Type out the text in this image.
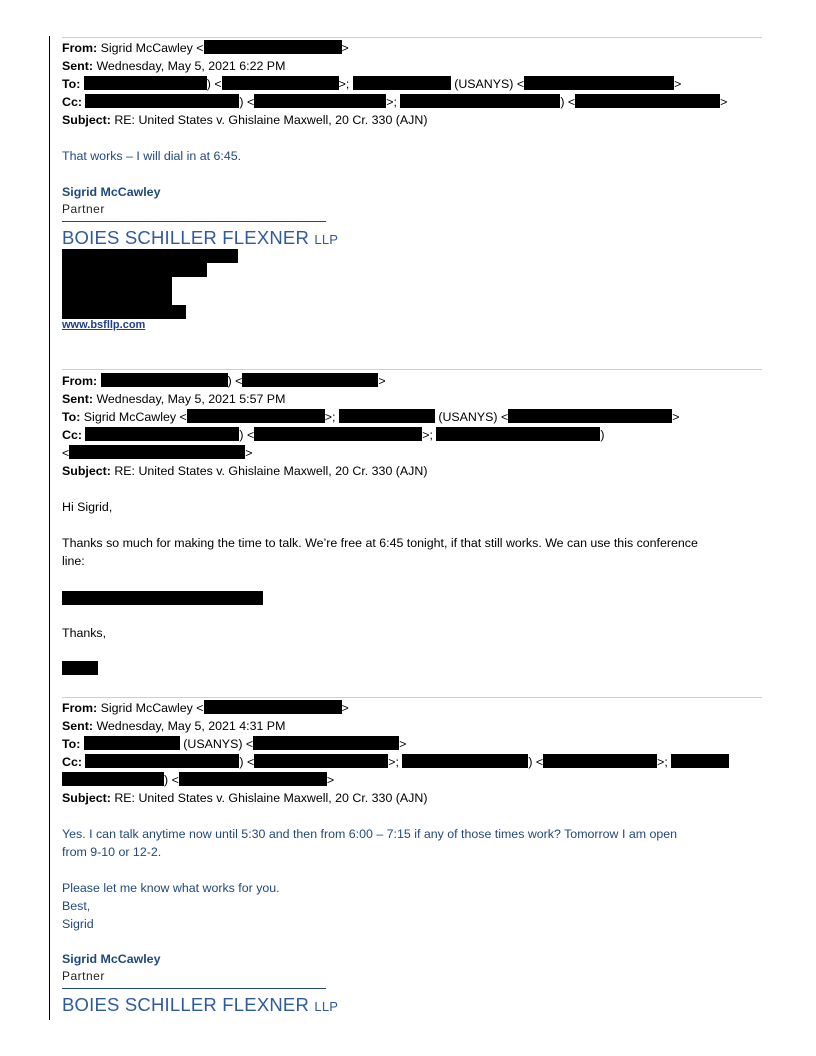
From: Sigrid McCawley <	>
Sent: Wednesday, May 5, 2021 6:22 PM
To:	) <	>;	(USANYS) <	>
Cc:	) <	>;	) <	>
Subject: RE: United States v. Ghislaine Maxwell, 20 Cr. 330 (AJN)
That works – I will dial in at 6:45.
Sigrid McCawley
Partner
BOIES SCHILLER FLEXNER LLP
www.bsfllp.com
From:	) <	>
Sent: Wednesday, May 5, 2021 5:57 PM
To: Sigrid McCawley <	>;	(USANYS) <	>
Cc:	) <	>;	)
<	>
Subject: RE: United States v. Ghislaine Maxwell, 20 Cr. 330 (AJN)
Hi Sigrid,
Thanks so much for making the time to talk. We’re free at 6:45 tonight, if that still works. We can use this conference
line:
Thanks,
From: Sigrid McCawley <	>
Sent: Wednesday, May 5, 2021 4:31 PM
To:	(USANYS) <	>
Cc:	) <	>;	) <	>;
) <	>
Subject: RE: United States v. Ghislaine Maxwell, 20 Cr. 330 (AJN)
Yes. I can talk anytime now until 5:30 and then from 6:00 – 7:15 if any of those times work? Tomorrow I am open
from 9-10 or 12-2.
Please let me know what works for you.
Best,
Sigrid
Sigrid McCawley
Partner
BOIES SCHILLER FLEXNER LLP
